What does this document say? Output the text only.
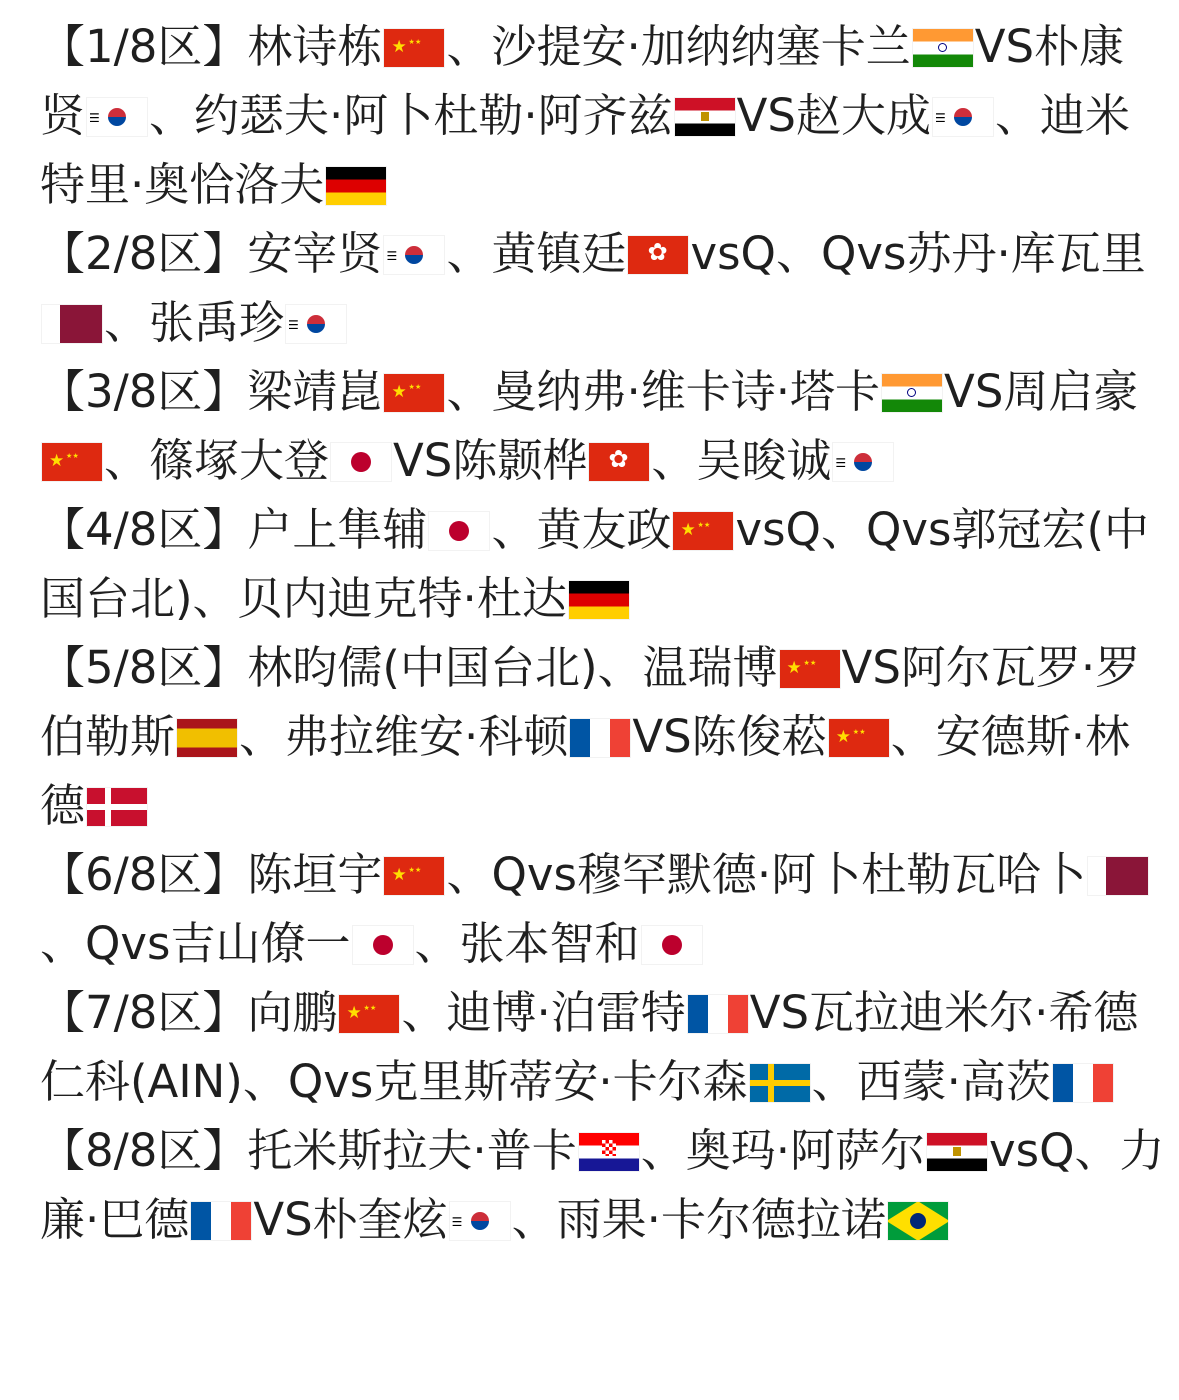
【1/8区】林诗栋 ★ ★ ★ 、沙提安·加纳纳塞卡兰 VS朴康贤 ☰ ☷ 、约瑟夫·阿卜杜勒·阿齐兹 VS赵大成 ☰ ☷ 、迪米特里·奥恰洛夫

【2/8区】安宰贤 ☰ ☷ 、黄镇廷 ✿ vsQ、Qvs苏丹·库瓦里、张禹珍☰ ☷

【3/8区】梁靖崑 ★ ★ ★ 、曼纳弗·维卡诗·塔卡 VS周启豪★ ★ ★、篠塚大登 VS陈颢桦 ✿ 、吴晙诚☰ ☷

【4/8区】户上隼辅 、黄友政 ★ ★ ★ vsQ、Qvs郭冠宏(中国台北)、贝内迪克特·杜达

【5/8区】林昀儒(中国台北)、温瑞博 ★ ★ ★ VS阿尔瓦罗·罗伯勒斯 、弗拉维安·科顿 VS陈俊菘 ★ ★ ★ 、安德斯·林德

【6/8区】陈垣宇 ★ ★ ★ 、Qvs穆罕默德·阿卜杜勒瓦哈卜、Qvs吉山僚一 、张本智和

【7/8区】向鹏 ★ ★ ★ 、迪博·泊雷特 VS瓦拉迪米尔·希德仁科(AIN)、Qvs克里斯蒂安·卡尔森 、西蒙·高茨

【8/8区】托米斯拉夫·普卡 、奥玛·阿萨尔 vsQ、力廉·巴德 VS朴奎炫 ☰ ☷ 、雨果·卡尔德拉诺
